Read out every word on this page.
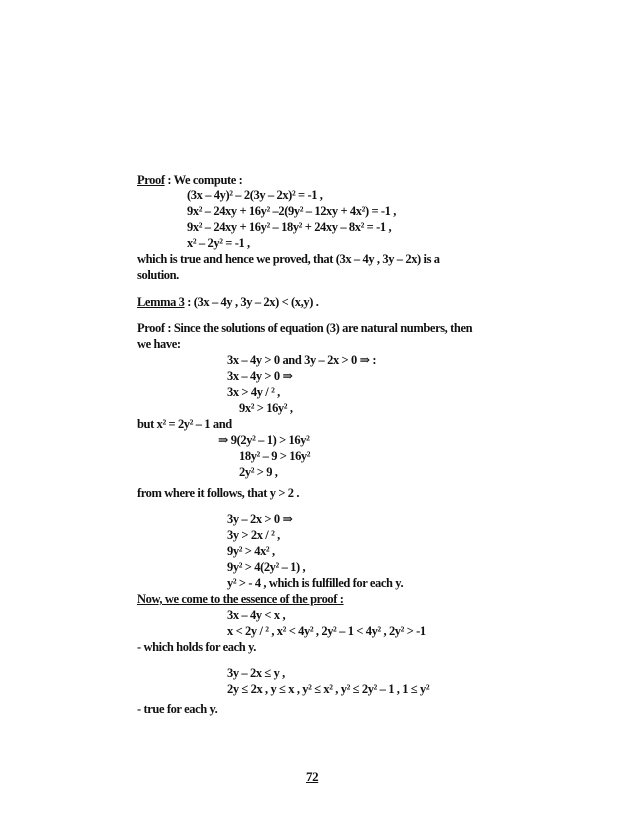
Proof : We compute :
(3x – 4y)² – 2(3y – 2x)² = -1 ,
9x² – 24xy + 16y² –2(9y² – 12xy + 4x²) = -1 ,
9x² – 24xy + 16y² – 18y² + 24xy – 8x² = -1 ,
x² – 2y² = -1 ,
which is true and hence we proved, that (3x – 4y , 3y – 2x) is a
solution.
Lemma 3 : (3x – 4y , 3y – 2x) < (x,y) .
Proof : Since the solutions of equation (3) are natural numbers, then
we have:
3x – 4y > 0 and 3y – 2x > 0 ⇒ :
3x – 4y > 0 ⇒
3x > 4y / ² ,
9x² > 16y² ,
but x² = 2y² – 1 and
⇒ 9(2y² – 1) > 16y²
18y² – 9 > 16y²
2y² > 9 ,
from where it follows, that y > 2 .
3y – 2x > 0 ⇒
3y > 2x / ² ,
9y² > 4x² ,
9y² > 4(2y² – 1) ,
y² > - 4 , which is fulfilled for each y.
Now, we come to the essence of the proof :
3x – 4y < x ,
x < 2y / ² , x² < 4y² , 2y² – 1 < 4y² , 2y² > -1
- which holds for each y.
3y – 2x ≤ y ,
2y ≤ 2x , y ≤ x , y² ≤ x² , y² ≤ 2y² – 1 , 1 ≤ y²
- true for each y.
72
